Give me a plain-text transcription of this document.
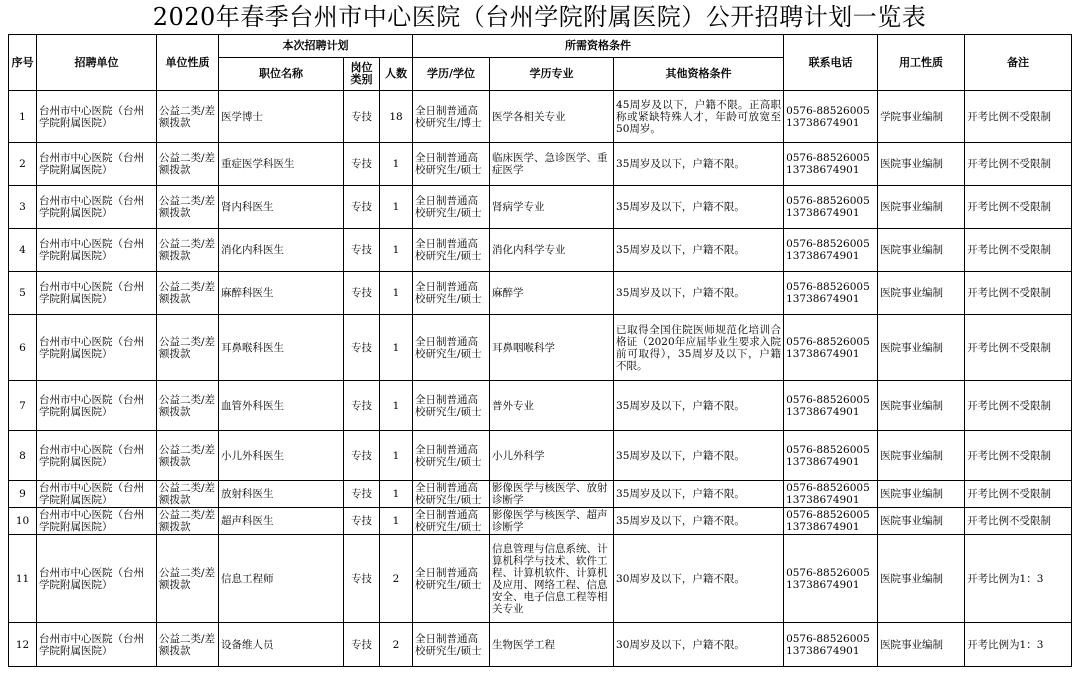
2020年春季台州市中心医院（台州学院附属医院）公开招聘计划一览表
序号	招聘单位	单位性质	本次招聘计划			所需资格条件			联系电话	用工性质	备注
			职位名称	岗位类别	人数	学历/学位	学历专业	其他资格条件			
1	台州市中心医院（台州学院附属医院）	公益二类/差额拨款	医学博士	专技	18	全日制普通高校研究生/博士	医学各相关专业	45周岁及以下，户籍不限。正高职称或紧缺特殊人才，年龄可放宽至50周岁。	0576-88526005 13738674901	学院事业编制	开考比例不受限制
2	台州市中心医院（台州学院附属医院）	公益二类/差额拨款	重症医学科医生	专技	1	全日制普通高校研究生/硕士	临床医学、急诊医学、重症医学	35周岁及以下，户籍不限。	0576-88526005 13738674901	医院事业编制	开考比例不受限制
3	台州市中心医院（台州学院附属医院）	公益二类/差额拨款	肾内科医生	专技	1	全日制普通高校研究生/硕士	肾病学专业	35周岁及以下，户籍不限。	0576-88526005 13738674901	医院事业编制	开考比例不受限制
4	台州市中心医院（台州学院附属医院）	公益二类/差额拨款	消化内科医生	专技	1	全日制普通高校研究生/硕士	消化内科学专业	35周岁及以下，户籍不限。	0576-88526005 13738674901	医院事业编制	开考比例不受限制
5	台州市中心医院（台州学院附属医院）	公益二类/差额拨款	麻醉科医生	专技	1	全日制普通高校研究生/硕士	麻醉学	35周岁及以下，户籍不限。	0576-88526005 13738674901	医院事业编制	开考比例不受限制
6	台州市中心医院（台州学院附属医院）	公益二类/差额拨款	耳鼻喉科医生	专技	1	全日制普通高校研究生/硕士	耳鼻咽喉科学	已取得全国住院医师规范化培训合格证（2020年应届毕业生要求入院前可取得），35周岁及以下，户籍不限。	0576-88526005 13738674901	医院事业编制	开考比例不受限制
7	台州市中心医院（台州学院附属医院）	公益二类/差额拨款	血管外科医生	专技	1	全日制普通高校研究生/硕士	普外专业	35周岁及以下，户籍不限。	0576-88526005 13738674901	医院事业编制	开考比例不受限制
8	台州市中心医院（台州学院附属医院）	公益二类/差额拨款	小儿外科医生	专技	1	全日制普通高校研究生/硕士	小儿外科学	35周岁及以下，户籍不限。	0576-88526005 13738674901	医院事业编制	开考比例不受限制
9	台州市中心医院（台州学院附属医院）	公益二类/差额拨款	放射科医生	专技	1	全日制普通高校研究生/硕士	影像医学与核医学、放射诊断学	35周岁及以下，户籍不限。	0576-88526005 13738674901	医院事业编制	开考比例不受限制
10	台州市中心医院（台州学院附属医院）	公益二类/差额拨款	超声科医生	专技	1	全日制普通高校研究生/硕士	影像医学与核医学、超声诊断学	35周岁及以下，户籍不限。	0576-88526005 13738674901	医院事业编制	开考比例不受限制
11	台州市中心医院（台州学院附属医院）	公益二类/差额拨款	信息工程师	专技	2	全日制普通高校研究生/硕士	信息管理与信息系统、计算机科学与技术、软件工程、计算机软件、计算机及应用、网络工程、信息安全、电子信息工程等相关专业	30周岁及以下，户籍不限。	0576-88526005 13738674901	医院事业编制	开考比例为1：3
12	台州市中心医院（台州学院附属医院）	公益二类/差额拨款	设备维人员	专技	2	全日制普通高校研究生/硕士	生物医学工程	30周岁及以下，户籍不限。	0576-88526005 13738674901	医院事业编制	开考比例为1：3
